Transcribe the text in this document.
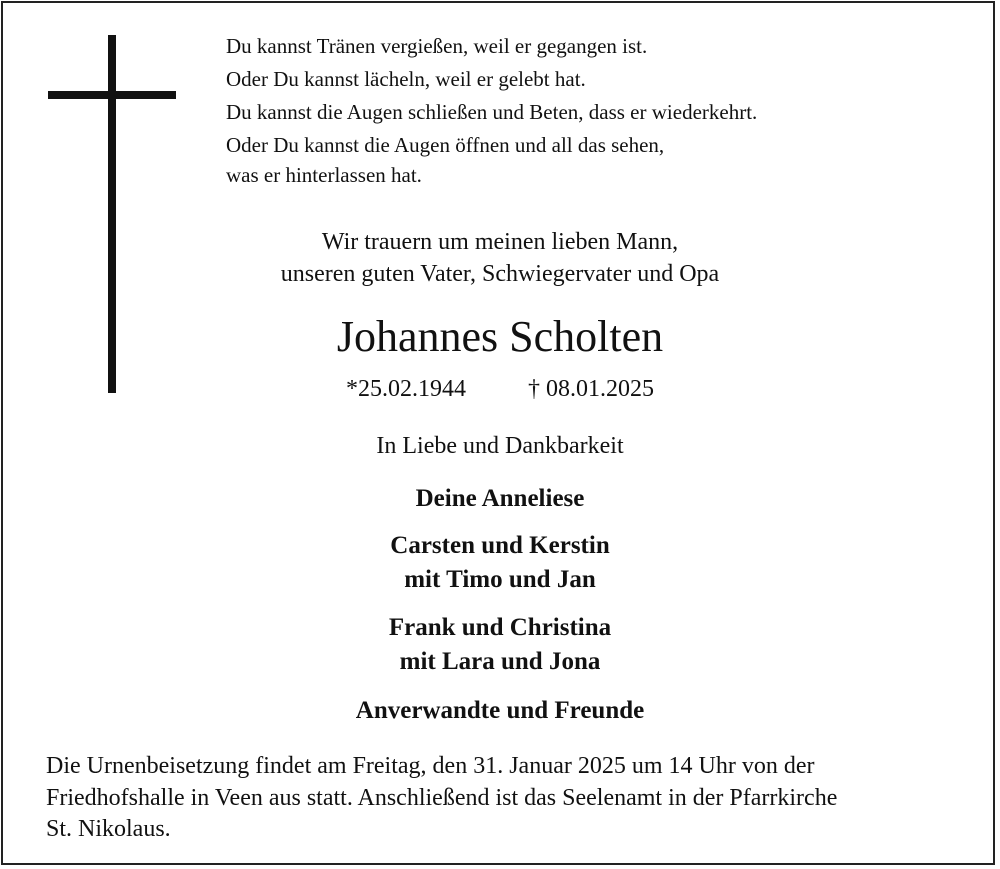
Du kannst Tränen vergießen, weil er gegangen ist.
Oder Du kannst lächeln, weil er gelebt hat.
Du kannst die Augen schließen und Beten, dass er wiederkehrt.
Oder Du kannst die Augen öffnen und all das sehen,
was er hinterlassen hat.
Wir trauern um meinen lieben Mann,
unseren guten Vater, Schwiegervater und Opa
Johannes Scholten
*25.02.1944	† 08.01.2025
In Liebe und Dankbarkeit
Deine Anneliese
Carsten und Kerstin
mit Timo und Jan
Frank und Christina
mit Lara und Jona
Anverwandte und Freunde
Die Urnenbeisetzung findet am Freitag, den 31. Januar 2025 um 14 Uhr von der
Friedhofshalle in Veen aus statt. Anschließend ist das Seelenamt in der Pfarrkirche
St. Nikolaus.
